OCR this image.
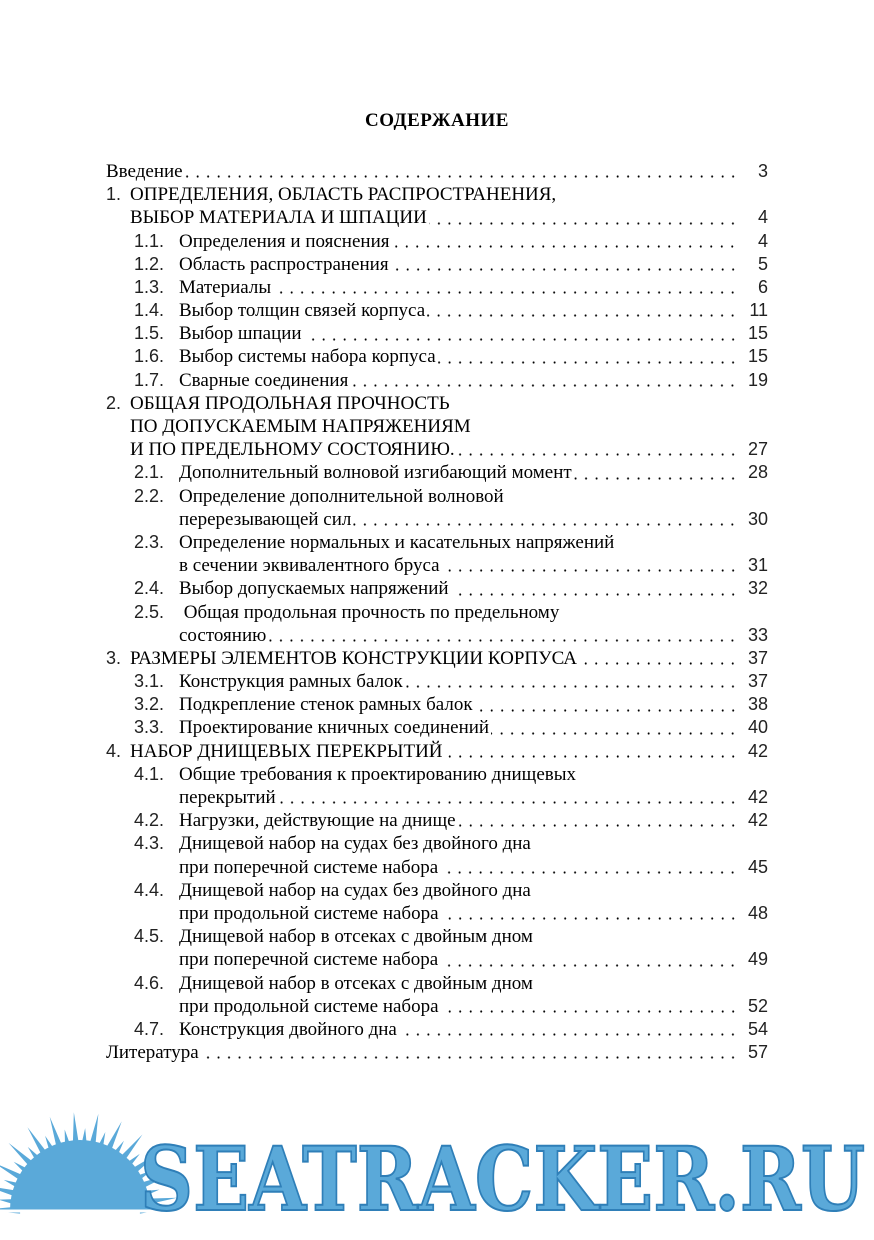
СОДЕРЖАНИЕ
Введение	3
1. ОПРЕДЕЛЕНИЯ, ОБЛАСТЬ РАСПРОСТРАНЕНИЯ,
ВЫБОР МАТЕРИАЛА И ШПАЦИИ	4
1.1. Определения и пояснения	4
1.2. Область распространения	5
1.3. Материалы	6
1.4. Выбор толщин связей корпуса	11
1.5. Выбор шпации	15
1.6. Выбор системы набора корпуса	15
1.7. Сварные соединения	19
2. ОБЩАЯ ПРОДОЛЬНАЯ ПРОЧНОСТЬ
ПО ДОПУСКАЕМЫМ НАПРЯЖЕНИЯМ
И ПО ПРЕДЕЛЬНОМУ СОСТОЯНИЮ.	27
2.1. Дополнительный волновой изгибающий момент	28
2.2. Определение дополнительной волновой
перерезывающей сил	30
2.3. Определение нормальных и касательных напряжений
в сечении эквивалентного бруса	31
2.4. Выбор допускаемых напряжений	32
2.5. Общая продольная прочность по предельному
состоянию	33
3. РАЗМЕРЫ ЭЛЕМЕНТОВ КОНСТРУКЦИИ КОРПУСА	37
3.1. Конструкция рамных балок	37
3.2. Подкрепление стенок рамных балок	38
3.3. Проектирование кничных соединений	40
4. НАБОР ДНИЩЕВЫХ ПЕРЕКРЫТИЙ	42
4.1. Общие требования к проектированию днищевых
перекрытий	42
4.2. Нагрузки, действующие на днище	42
4.3. Днищевой набор на судах без двойного дна
при поперечной системе набора	45
4.4. Днищевой набор на судах без двойного дна
при продольной системе набора	48
4.5. Днищевой набор в отсеках с двойным дном
при поперечной системе набора	49
4.6. Днищевой набор в отсеках с двойным дном
при продольной системе набора	52
4.7. Конструкция двойного дна	54
Литература	57
SEATRACKER.RU
